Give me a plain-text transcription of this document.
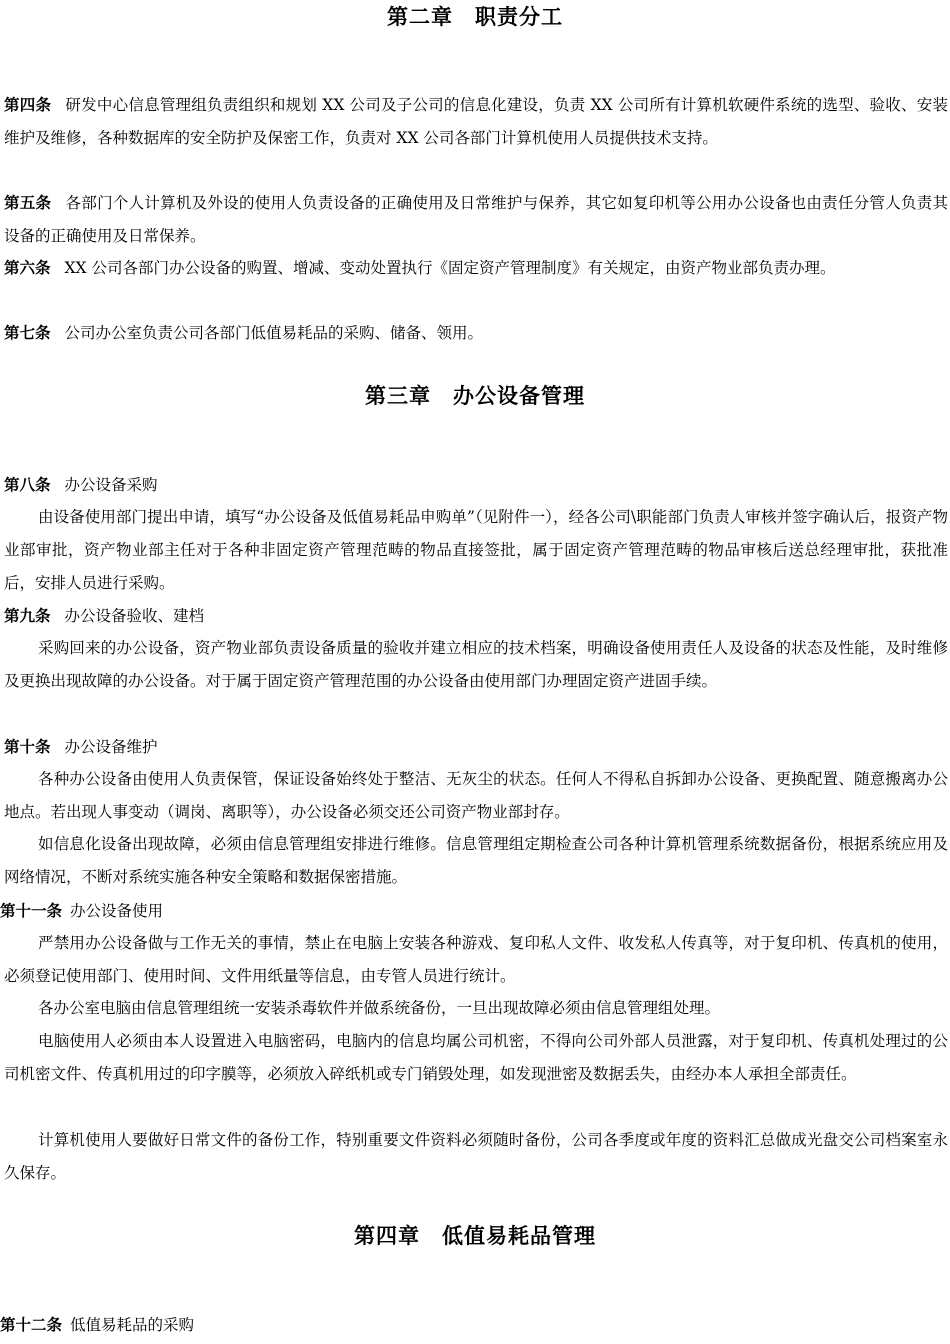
第二章　职责分工

第四条 研发中心信息管理组负责组织和规划 XX 公司及子公司的信息化建设，负责 XX 公司所有计算机软硬件系统的选型、验收、安装维护及维修，各种数据库的安全防护及保密工作，负责对 XX 公司各部门计算机使用人员提供技术支持。

第五条 各部门个人计算机及外设的使用人负责设备的正确使用及日常维护与保养，其它如复印机等公用办公设备也由责任分管人负责其设备的正确使用及日常保养。

第六条 XX 公司各部门办公设备的购置、增减、变动处置执行《固定资产管理制度》有关规定，由资产物业部负责办理。

第七条 公司办公室负责公司各部门低值易耗品的采购、储备、领用。

第三章　办公设备管理

第八条 办公设备采购

由设备使用部门提出申请，填写“办公设备及低值易耗品申购单”（见附件一），经各公司\职能部门负责人审核并签字确认后，报资产物业部审批，资产物业部主任对于各种非固定资产管理范畴的物品直接签批，属于固定资产管理范畴的物品审核后送总经理审批，获批准后，安排人员进行采购。

第九条 办公设备验收、建档

采购回来的办公设备，资产物业部负责设备质量的验收并建立相应的技术档案，明确设备使用责任人及设备的状态及性能，及时维修及更换出现故障的办公设备。对于属于固定资产管理范围的办公设备由使用部门办理固定资产进固手续。

第十条 办公设备维护

各种办公设备由使用人负责保管，保证设备始终处于整洁、无灰尘的状态。任何人不得私自拆卸办公设备、更换配置、随意搬离办公地点。若出现人事变动（调岗、离职等），办公设备必须交还公司资产物业部封存。

如信息化设备出现故障，必须由信息管理组安排进行维修。信息管理组定期检查公司各种计算机管理系统数据备份，根据系统应用及网络情况，不断对系统实施各种安全策略和数据保密措施。

第十一条 办公设备使用

严禁用办公设备做与工作无关的事情，禁止在电脑上安装各种游戏、复印私人文件、收发私人传真等，对于复印机、传真机的使用，必须登记使用部门、使用时间、文件用纸量等信息，由专管人员进行统计。

各办公室电脑由信息管理组统一安装杀毒软件并做系统备份，一旦出现故障必须由信息管理组处理。

电脑使用人必须由本人设置进入电脑密码，电脑内的信息均属公司机密，不得向公司外部人员泄露，对于复印机、传真机处理过的公司机密文件、传真机用过的印字膜等，必须放入碎纸机或专门销毁处理，如发现泄密及数据丢失，由经办本人承担全部责任。

计算机使用人要做好日常文件的备份工作，特别重要文件资料必须随时备份，公司各季度或年度的资料汇总做成光盘交公司档案室永久保存。

第四章　低值易耗品管理

第十二条 低值易耗品的采购
